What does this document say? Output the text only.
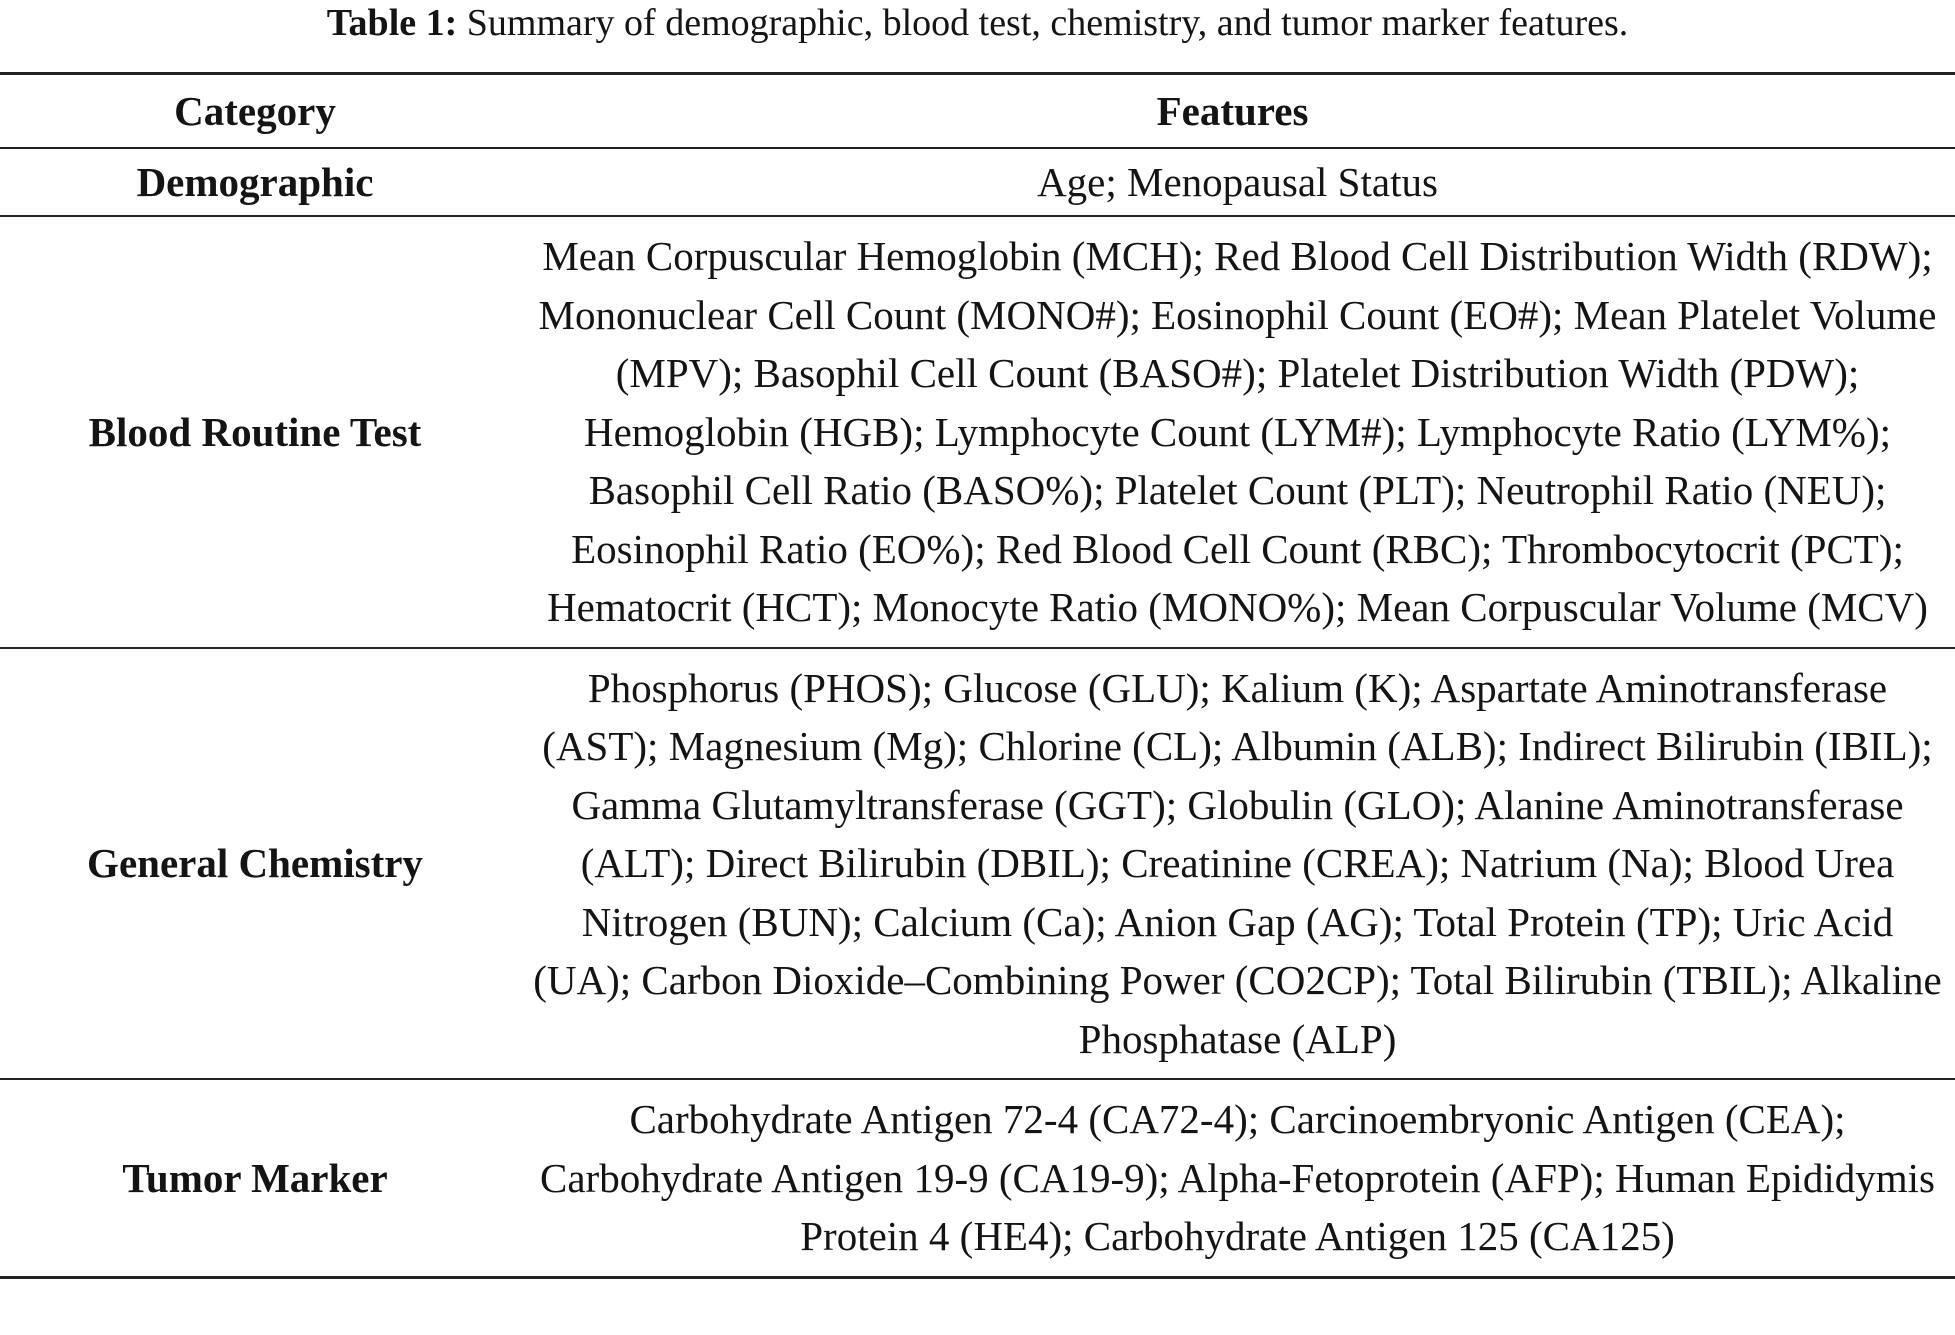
Table 1: Summary of demographic, blood test, chemistry, and tumor marker features.
Category	Features
Demographic	Age; Menopausal Status
Blood Routine Test	Mean Corpuscular Hemoglobin (MCH); Red Blood Cell Distribution Width (RDW); Mononuclear Cell Count (MONO#); Eosinophil Count (EO#); Mean Platelet Volume (MPV); Basophil Cell Count (BASO#); Platelet Distribution Width (PDW); Hemoglobin (HGB); Lymphocyte Count (LYM#); Lymphocyte Ratio (LYM%); Basophil Cell Ratio (BASO%); Platelet Count (PLT); Neutrophil Ratio (NEU); Eosinophil Ratio (EO%); Red Blood Cell Count (RBC); Thrombocytocrit (PCT); Hematocrit (HCT); Monocyte Ratio (MONO%); Mean Corpuscular Volume (MCV)
General Chemistry	Phosphorus (PHOS); Glucose (GLU); Kalium (K); Aspartate Aminotransferase (AST); Magnesium (Mg); Chlorine (CL); Albumin (ALB); Indirect Bilirubin (IBIL); Gamma Glutamyltransferase (GGT); Globulin (GLO); Alanine Aminotransferase (ALT); Direct Bilirubin (DBIL); Creatinine (CREA); Natrium (Na); Blood Urea Nitrogen (BUN); Calcium (Ca); Anion Gap (AG); Total Protein (TP); Uric Acid (UA); Carbon Dioxide–Combining Power (CO2CP); Total Bilirubin (TBIL); Alkaline Phosphatase (ALP)
Tumor Marker	Carbohydrate Antigen 72-4 (CA72-4); Carcinoembryonic Antigen (CEA); Carbohydrate Antigen 19-9 (CA19-9); Alpha-Fetoprotein (AFP); Human Epididymis Protein 4 (HE4); Carbohydrate Antigen 125 (CA125)
